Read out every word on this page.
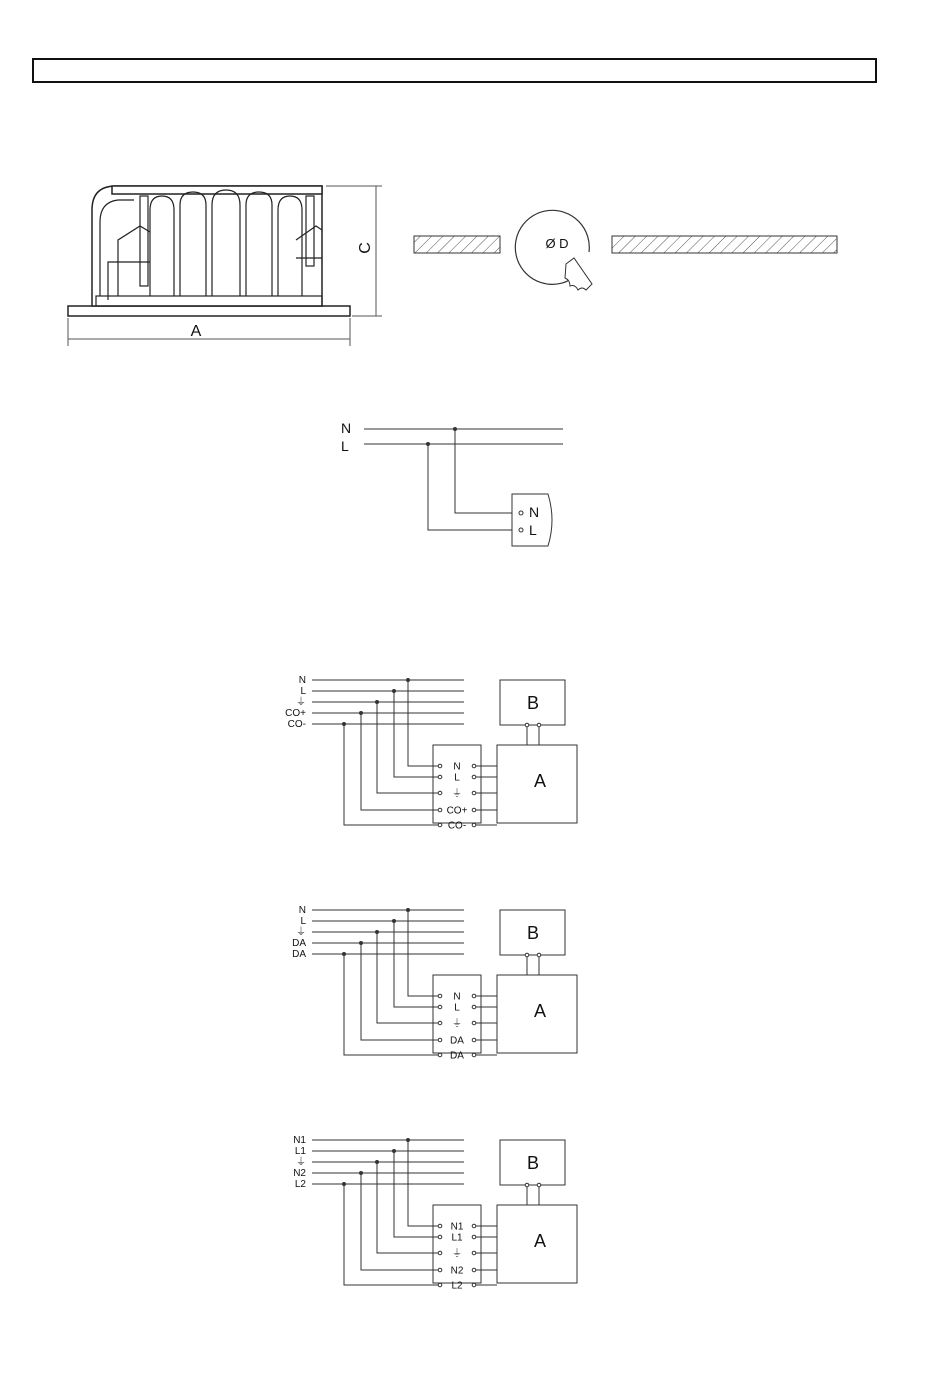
A
C	Ø D
N
L
N
L
N
N
L
L
⏚
⏚
CO+
CO+
CO-
CO-
A
B
N
N
L
L
⏚
⏚
DA
DA
DA
DA
A
B
N1
N1
L1
L1
⏚
⏚
N2
N2
L2
L2
A
B
